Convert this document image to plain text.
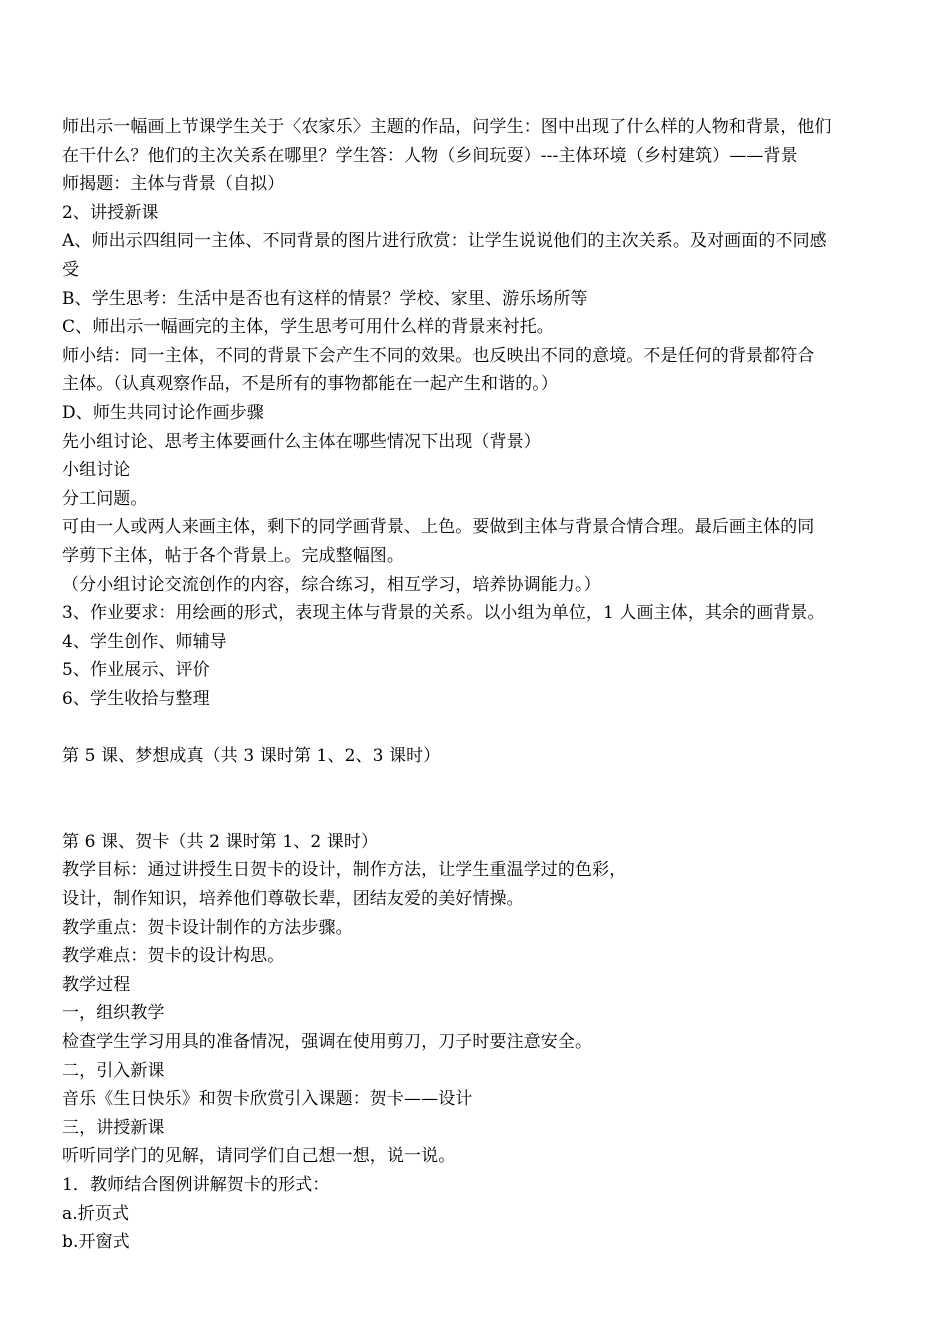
师出示一幅画上节课学生关于〈农家乐〉主题的作品，问学生：图中出现了什么样的人物和背景，他们
在干什么？他们的主次关系在哪里？学生答：人物（乡间玩耍）---主体环境（乡村建筑）——背景
师揭题：主体与背景（自拟）
2、讲授新课
A、师出示四组同一主体、不同背景的图片进行欣赏：让学生说说他们的主次关系。及对画面的不同感
受
B、学生思考：生活中是否也有这样的情景？学校、家里、游乐场所等
C、师出示一幅画完的主体，学生思考可用什么样的背景来衬托。
师小结：同一主体，不同的背景下会产生不同的效果。也反映出不同的意境。不是任何的背景都符合
主体。（认真观察作品，不是所有的事物都能在一起产生和谐的。）
D、师生共同讨论作画步骤
先小组讨论、思考主体要画什么主体在哪些情况下出现（背景）
小组讨论
分工问题。
可由一人或两人来画主体，剩下的同学画背景、上色。要做到主体与背景合情合理。最后画主体的同
学剪下主体，帖于各个背景上。完成整幅图。
（分小组讨论交流创作的内容，综合练习，相互学习，培养协调能力。）
3、作业要求：用绘画的形式，表现主体与背景的关系。以小组为单位，1 人画主体，其余的画背景。
4、学生创作、师辅导
5、作业展示、评价
6、学生收拾与整理
第 5 课、梦想成真（共 3 课时第 1、2、3 课时）
第 6 课、贺卡（共 2 课时第 1、2 课时）
教学目标：通过讲授生日贺卡的设计，制作方法，让学生重温学过的色彩，
设计，制作知识，培养他们尊敬长辈，团结友爱的美好情操。
教学重点：贺卡设计制作的方法步骤。
教学难点：贺卡的设计构思。
教学过程
一，组织教学
检查学生学习用具的准备情况，强调在使用剪刀，刀子时要注意安全。
二，引入新课
音乐《生日快乐》和贺卡欣赏引入课题：贺卡——设计
三，讲授新课
听听同学门的见解，请同学们自己想一想，说一说。
1．教师结合图例讲解贺卡的形式：
a.折页式
b.开窗式
